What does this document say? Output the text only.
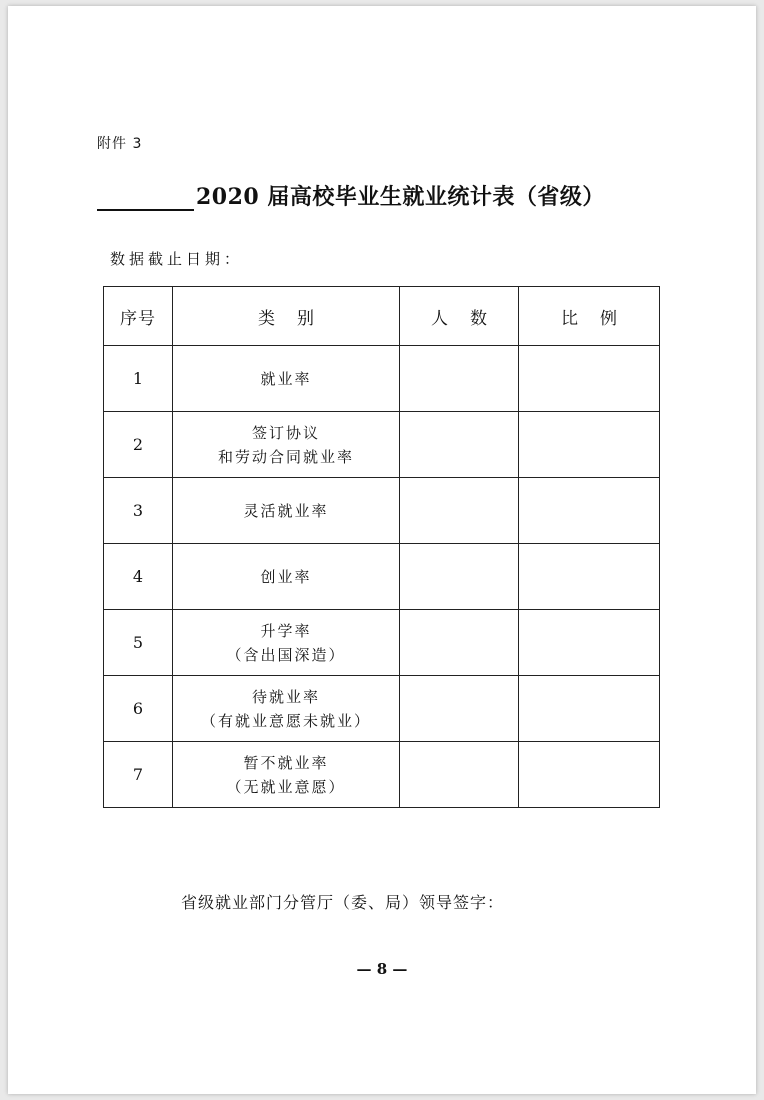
附件 3
2020 届高校毕业生就业统计表（省级）
数据截止日期：
序号	类别	人数	比例
1	就业率		

2	签订协议
和劳动合同就业率		

3	灵活就业率		

4	创业率		

5	升学率
（含出国深造）		

6	待就业率
（有就业意愿未就业）		

7	暂不就业率
（无就业意愿）		

省级就业部门分管厅（委、局）领导签字：
— 8 —
